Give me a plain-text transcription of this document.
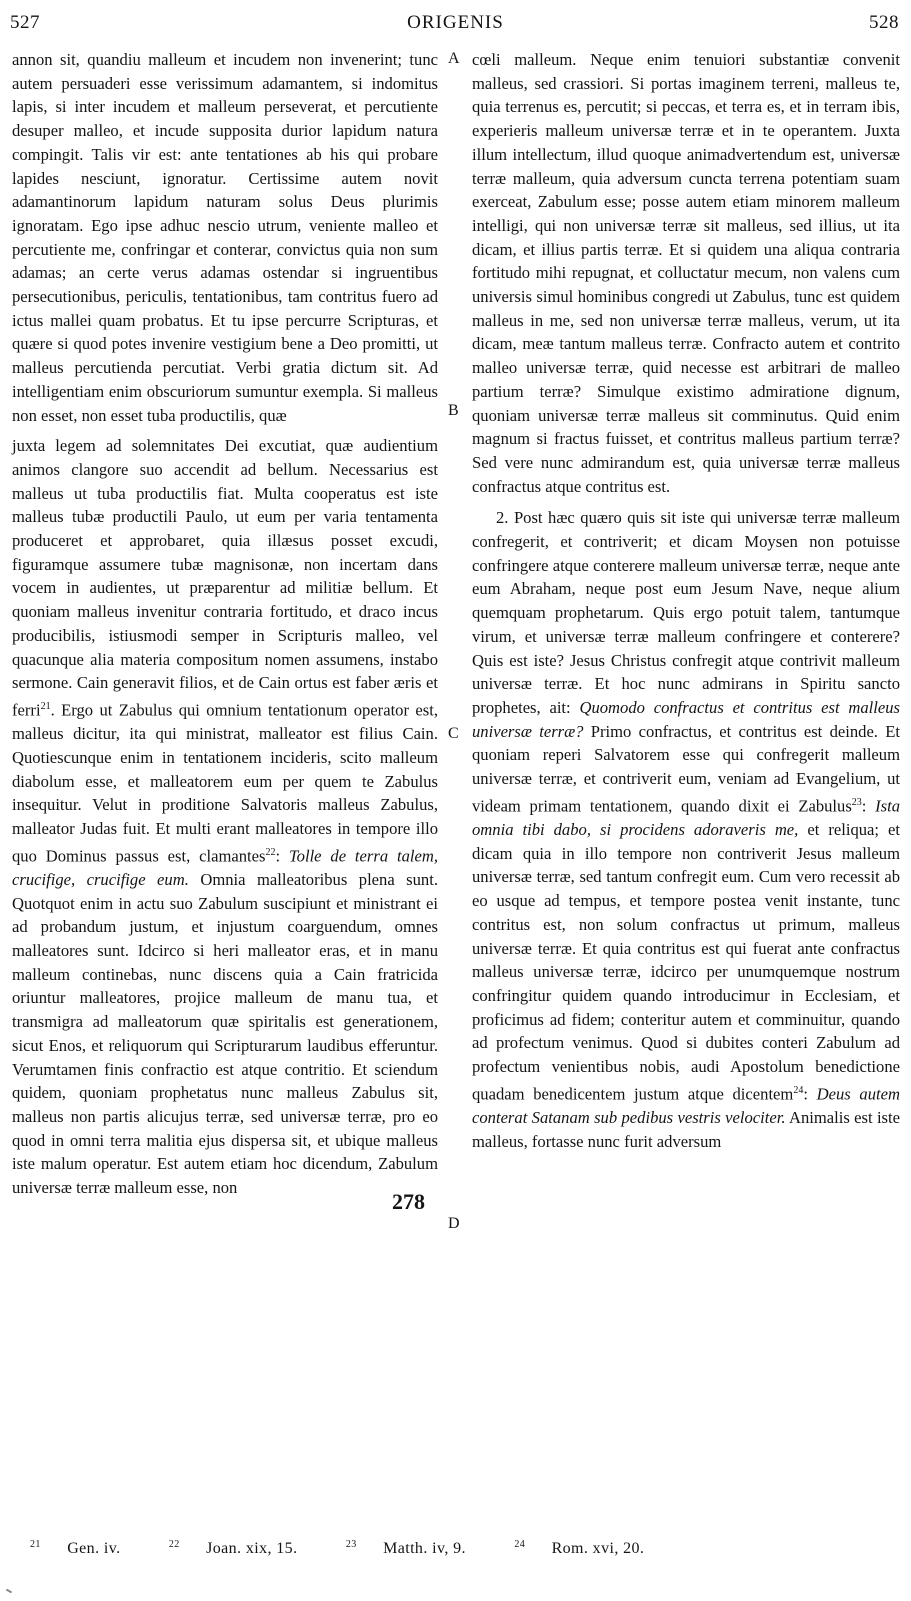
ORIGENIS
527	528

annon sit, quandiu malleum et incudem non invenerint; tunc autem persuaderi esse verissimum adamantem, si indomitus lapis, si inter incudem et malleum perseverat, et percutiente desuper malleo, et incude supposita durior lapidum natura compingit. Talis vir est: ante tentationes ab his qui probare lapides nesciunt, ignoratur. Certissime autem novit adamantinorum lapidum naturam solus Deus plurimis ignoratam. Ego ipse adhuc nescio utrum, veniente malleo et percutiente me, confringar et conterar, convictus quia non sum adamas; an certe verus adamas ostendar si ingruentibus persecutionibus, periculis, tentationibus, tam contritus fuero ad ictus mallei quam probatus. Et tu ipse percurre Scripturas, et quære si quod potes invenire vestigium bene a Deo promitti, ut malleus percutienda percutiat. Verbi gratia dictum sit. Ad intelligentiam enim obscuriorum sumuntur exempla. Si malleus non esset, non esset tuba productilis, quæ

juxta legem ad solemnitates Dei excutiat, quæ audientium animos clangore suo accendit ad bellum. Necessarius est malleus ut tuba productilis fiat. Multa cooperatus est iste malleus tubæ productili Paulo, ut eum per varia tentamenta produceret et approbaret, quia illæsus posset excudi, figuramque assumere tubæ magnisonæ, non incertam dans vocem in audientes, ut præparentur ad militiæ bellum. Et quoniam malleus invenitur contraria fortitudo, et draco incus producibilis, istiusmodi semper in Scripturis malleo, vel quacunque alia materia compositum nomen assumens, instabo sermone. Cain generavit filios, et de Cain ortus est faber æris et ferri$^{21}$. Ergo ut Zabulus qui omnium tentationum operator est, malleus dicitur, ita qui ministrat, malleator est filius Cain. Quotiescunque enim in tentationem incideris, scito malleum diabolum esse, et malleatorem eum per quem te Zabulus insequitur. Velut in proditione Salvatoris malleus Zabulus, malleator Judas fuit. Et multi erant malleatores in tempore illo quo Dominus passus est, clamantes$^{22}$: Tolle de terra talem, crucifige, crucifige eum. Omnia malleatoribus plena sunt. Quotquot enim in actu suo Zabulum suscipiunt et ministrant ei ad probandum justum, et injustum coarguendum, omnes malleatores sunt. Idcirco si heri malleator eras, et in manu malleum continebas, nunc discens quia a Cain fratricida oriuntur malleatores, projice malleum de manu tua, et transmigra ad malleatorum quæ spiritalis est generationem, sicut Enos, et reliquorum qui Scripturarum laudibus efferuntur. Verumtamen finis confractio est atque contritio. Et sciendum quidem, quoniam prophetatus nunc malleus Zabulus sit, malleus non partis alicujus terræ, sed universæ terræ, pro eo quod in omni terra malitia ejus dispersa sit, et ubique malleus iste malum operatur. Est autem etiam hoc dicendum, Zabulum universæ terræ malleum esse, non

A
B
C
D
278

cœli malleum. Neque enim tenuiori substantiæ convenit malleus, sed crassiori. Si portas imaginem terreni, malleus te, quia terrenus es, percutit; si peccas, et terra es, et in terram ibis, experieris malleum universæ terræ et in te operantem. Juxta illum intellectum, illud quoque animadvertendum est, universæ terræ malleum, quia adversum cuncta terrena potentiam suam exerceat, Zabulum esse; posse autem etiam minorem malleum intelligi, qui non universæ terræ sit malleus, sed illius, ut ita dicam, et illius partis terræ. Et si quidem una aliqua contraria fortitudo mihi repugnat, et colluctatur mecum, non valens cum universis simul hominibus congredi ut Zabulus, tunc est quidem malleus in me, sed non universæ terræ malleus, verum, ut ita dicam, meæ tantum malleus terræ. Confracto autem et contrito malleo universæ terræ, quid necesse est arbitrari de malleo partium terræ? Simulque existimo admiratione dignum, quoniam universæ terræ malleus sit comminutus. Quid enim magnum si fractus fuisset, et contritus malleus partium terræ? Sed vere nunc admirandum est, quia universæ terræ malleus confractus atque contritus est.

2. Post hæc quæro quis sit iste qui universæ terræ malleum confregerit, et contriverit; et dicam Moysen non potuisse confringere atque conterere malleum universæ terræ, neque ante eum Abraham, neque post eum Jesum Nave, neque alium quemquam prophetarum. Quis ergo potuit talem, tantumque virum, et universæ terræ malleum confringere et conterere? Quis est iste? Jesus Christus confregit atque contrivit malleum universæ terræ. Et hoc nunc admirans in Spiritu sancto prophetes, ait: Quomodo confractus et contritus est malleus universæ terræ? Primo confractus, et contritus est deinde. Et quoniam reperi Salvatorem esse qui confregerit malleum universæ terræ, et contriverit eum, veniam ad Evangelium, ut videam primam tentationem, quando dixit ei Zabulus$^{23}$: Ista omnia tibi dabo, si procidens adoraveris me, et reliqua; et dicam quia in illo tempore non contriverit Jesus malleum universæ terræ, sed tantum confregit eum. Cum vero recessit ab eo usque ad tempus, et tempore postea venit instante, tunc contritus est, non solum confractus ut primum, malleus universæ terræ. Et quia contritus est qui fuerat ante confractus malleus universæ terræ, idcirco per unumquemque nostrum confringitur quidem quando introducimur in Ecclesiam, et proficimus ad fidem; conteritur autem et comminuitur, quando ad profectum venimus. Quod si dubites conteri Zabulum ad profectum venientibus nobis, audi Apostolum benedictione quadam benedicentem justum atque dicentem$^{24}$: Deus autem conterat Satanam sub pedibus vestris velociter. Animalis est iste malleus, fortasse nunc furit adversum

$^{21}$ Gen. iv.	$^{22}$ Joan. xix, 15.	$^{23}$ Matth. iv, 9.	$^{24}$ Rom. xvi, 20.
